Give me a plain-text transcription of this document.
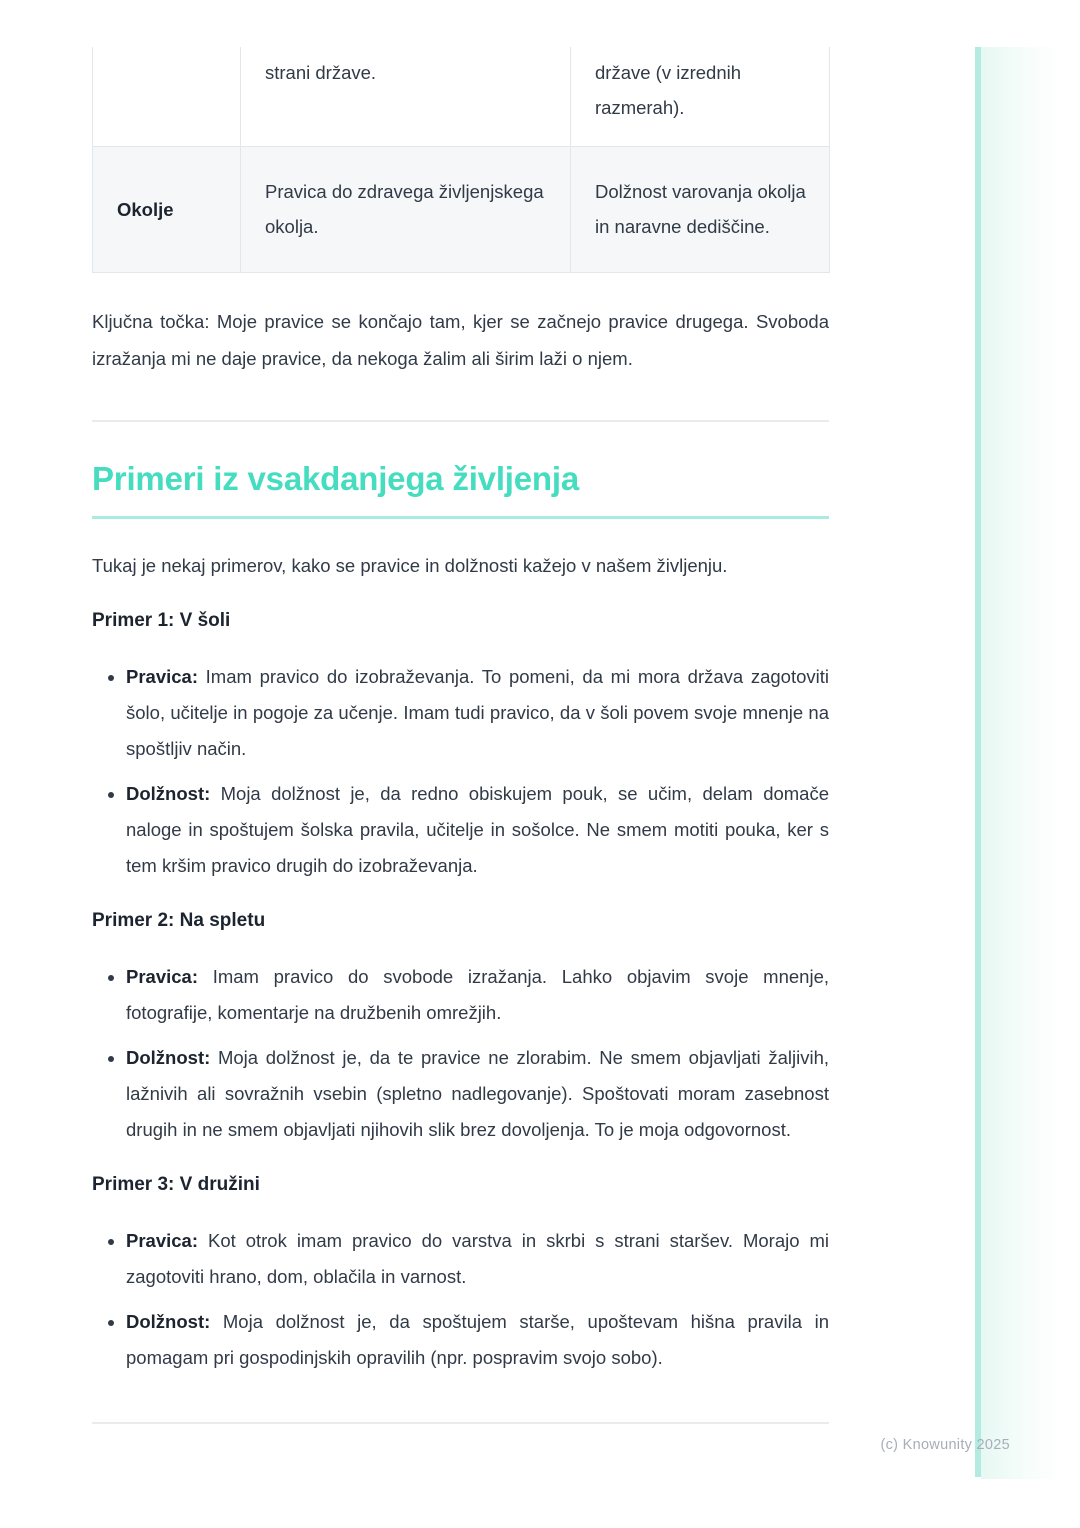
	strani države.	države (v izrednih razmerah).
Okolje	Pravica do zdravega življenjskega okolja.	Dolžnost varovanja okolja in naravne dediščine.

Ključna točka: Moje pravice se končajo tam, kjer se začnejo pravice drugega. Svoboda izražanja mi ne daje pravice, da nekoga žalim ali širim laži o njem.

Primeri iz vsakdanjega življenja

Tukaj je nekaj primerov, kako se pravice in dolžnosti kažejo v našem življenju.

Primer 1: V šoli
• Pravica: Imam pravico do izobraževanja. To pomeni, da mi mora država zagotoviti šolo, učitelje in pogoje za učenje. Imam tudi pravico, da v šoli povem svoje mnenje na spoštljiv način.
• Dolžnost: Moja dolžnost je, da redno obiskujem pouk, se učim, delam domače naloge in spoštujem šolska pravila, učitelje in sošolce. Ne smem motiti pouka, ker s tem kršim pravico drugih do izobraževanja.
Primer 2: Na spletu
• Pravica: Imam pravico do svobode izražanja. Lahko objavim svoje mnenje, fotografije, komentarje na družbenih omrežjih.
• Dolžnost: Moja dolžnost je, da te pravice ne zlorabim. Ne smem objavljati žaljivih, lažnivih ali sovražnih vsebin (spletno nadlegovanje). Spoštovati moram zasebnost drugih in ne smem objavljati njihovih slik brez dovoljenja. To je moja odgovornost.
Primer 3: V družini
• Pravica: Kot otrok imam pravico do varstva in skrbi s strani staršev. Morajo mi zagotoviti hrano, dom, oblačila in varnost.
• Dolžnost: Moja dolžnost je, da spoštujem starše, upoštevam hišna pravila in pomagam pri gospodinjskih opravilih (npr. pospravim svojo sobo).
(c) Knowunity 2025
